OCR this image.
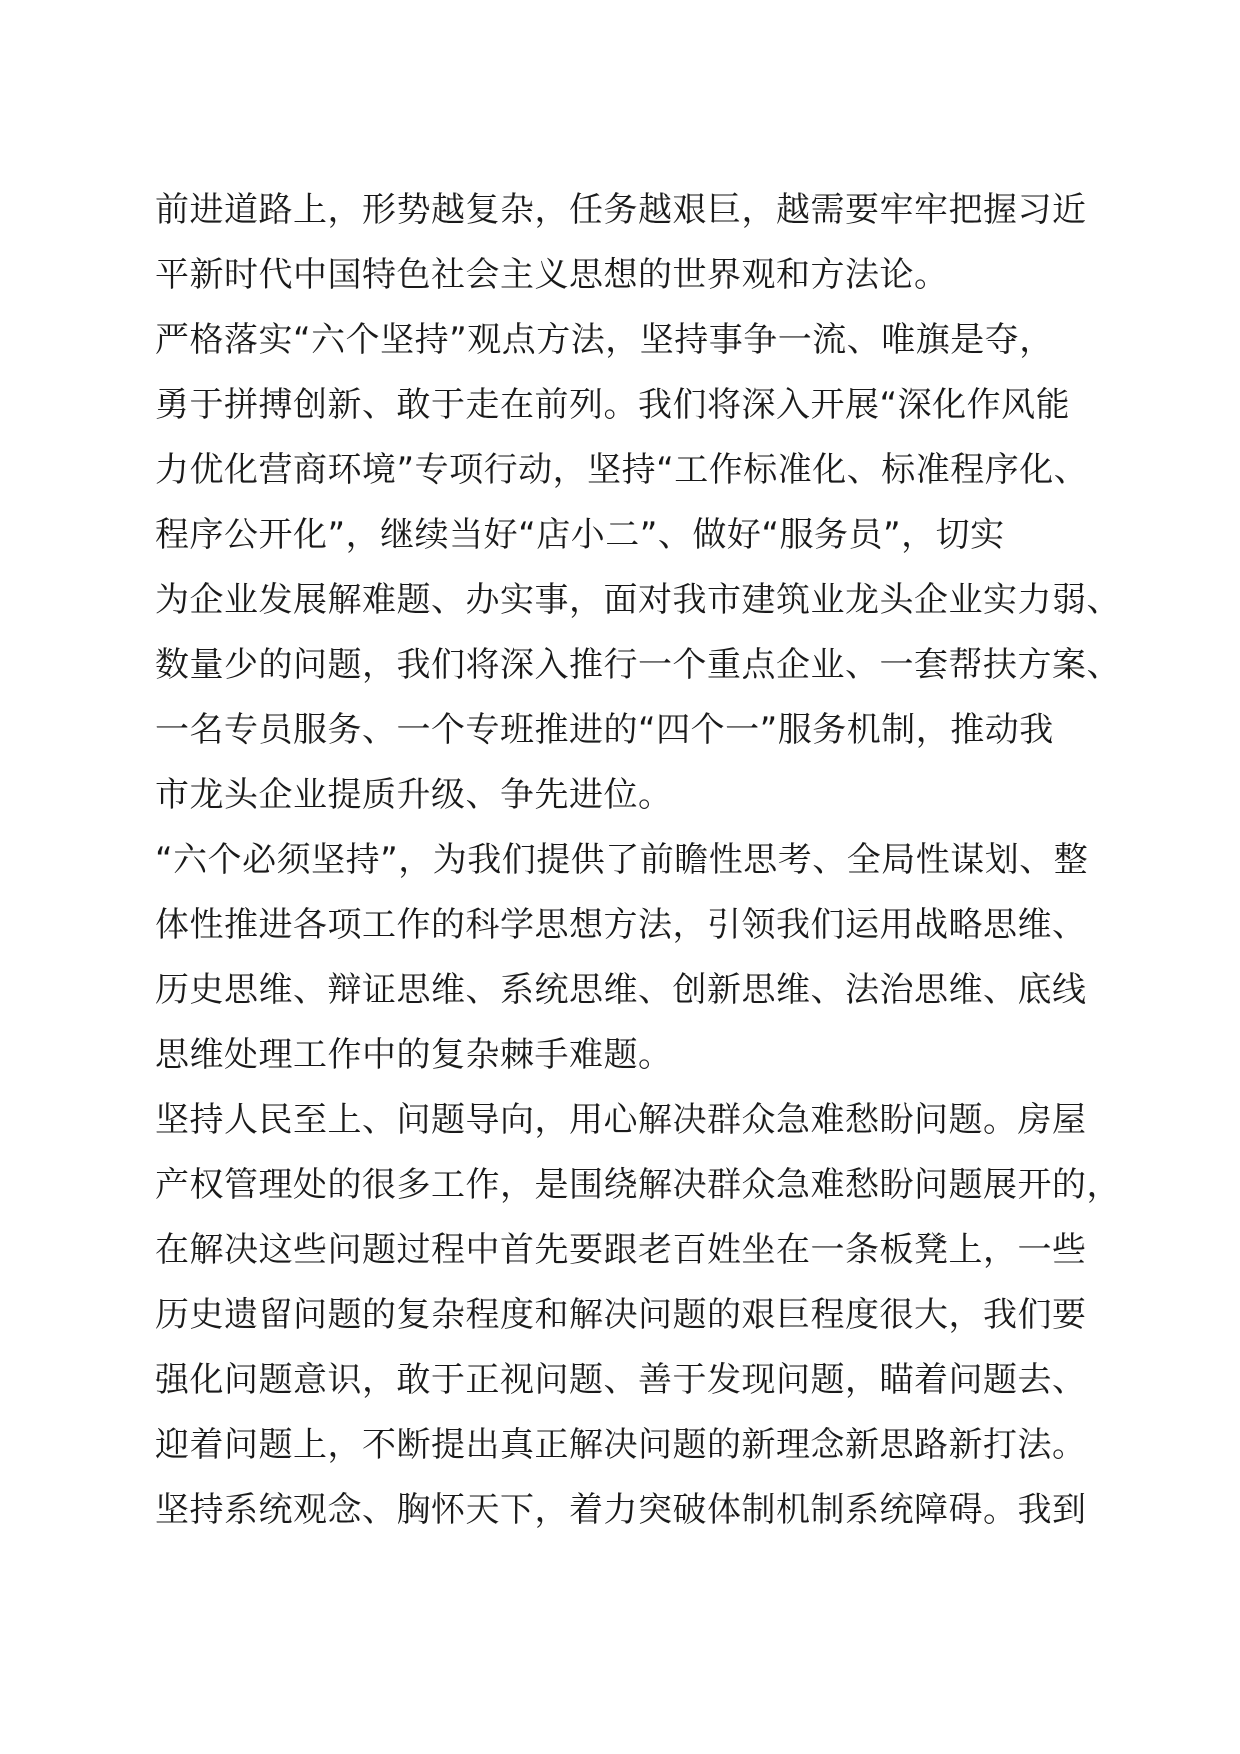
前进道路上，形势越复杂，任务越艰巨，越需要牢牢把握习近
平新时代中国特色社会主义思想的世界观和方法论。
严格落实“六个坚持”观点方法，坚持事争一流、唯旗是夺，
勇于拼搏创新、敢于走在前列。我们将深入开展“深化作风能
力优化营商环境”专项行动，坚持“工作标准化、标准程序化、
程序公开化”，继续当好“店小二”、做好“服务员”，切实
为企业发展解难题、办实事，面对我市建筑业龙头企业实力弱、
数量少的问题，我们将深入推行一个重点企业、一套帮扶方案、
一名专员服务、一个专班推进的“四个一”服务机制，推动我
市龙头企业提质升级、争先进位。
“六个必须坚持”，为我们提供了前瞻性思考、全局性谋划、整
体性推进各项工作的科学思想方法，引领我们运用战略思维、
历史思维、辩证思维、系统思维、创新思维、法治思维、底线
思维处理工作中的复杂棘手难题。
坚持人民至上、问题导向，用心解决群众急难愁盼问题。房屋
产权管理处的很多工作，是围绕解决群众急难愁盼问题展开的，
在解决这些问题过程中首先要跟老百姓坐在一条板凳上，一些
历史遗留问题的复杂程度和解决问题的艰巨程度很大，我们要
强化问题意识，敢于正视问题、善于发现问题，瞄着问题去、
迎着问题上，不断提出真正解决问题的新理念新思路新打法。
坚持系统观念、胸怀天下，着力突破体制机制系统障碍。我到
